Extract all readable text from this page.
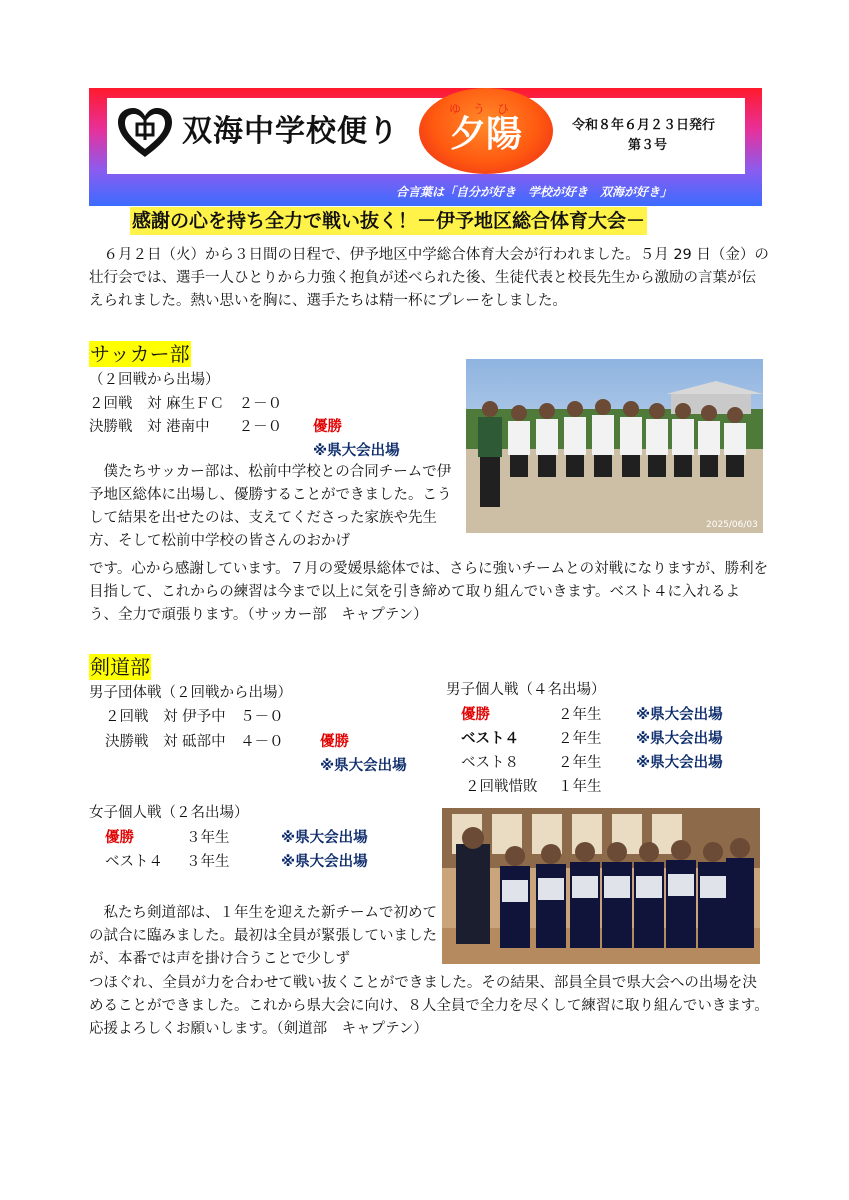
双海中学校便り
ゆうひ
夕陽	令和８年６月２３日発行
第３号
合言葉は「自分が好き　学校が好き　双海が好き」
感謝の心を持ち全力で戦い抜く！－伊予地区総合体育大会－
６月２日（火）から３日間の日程で、伊予地区中学総合体育大会が行われました。５月 29 日（金）の壮行会では、選手一人ひとりから力強く抱負が述べられた後、生徒代表と校長先生から激励の言葉が伝えられました。熱い思いを胸に、選手たちは精一杯にプレーをしました。
サッカー部
（２回戦から出場）
２回戦　対 麻生ＦＣ　２－０
決勝戦　対 港南中　　２－０ 優勝
※県大会出場
2025/06/03
　僕たちサッカー部は、松前中学校との合同チームで伊予地区総体に出場し、優勝することができました。こうして結果を出せたのは、支えてくださった家族や先生方、そして松前中学校の皆さんのおかげ
です。心から感謝しています。７月の愛媛県総体では、さらに強いチームとの対戦になりますが、勝利を目指して、これからの練習は今まで以上に気を引き締めて取り組んでいきます。ベスト４に入れるよう、全力で頑張ります。（サッカー部　キャプテン）
剣道部
男子団体戦（２回戦から出場）
２回戦　対 伊予中　５－０
決勝戦　対 砥部中　４－０	優勝
※県大会出場
男子個人戦（４名出場）
優勝	２年生 ※県大会出場
ベスト４	２年生 ※県大会出場
ベスト８	２年生 ※県大会出場
２回戦惜敗 １年生
女子個人戦（２名出場）
優勝	３年生	※県大会出場
ベスト４ ３年生	※県大会出場
　私たち剣道部は、１年生を迎えた新チームで初めての試合に臨みました。最初は全員が緊張していましたが、本番では声を掛け合うことで少しず
つほぐれ、全員が力を合わせて戦い抜くことができました。その結果、部員全員で県大会への出場を決めることができました。これから県大会に向け、８人全員で全力を尽くして練習に取り組んでいきます。応援よろしくお願いします。（剣道部　キャプテン）
